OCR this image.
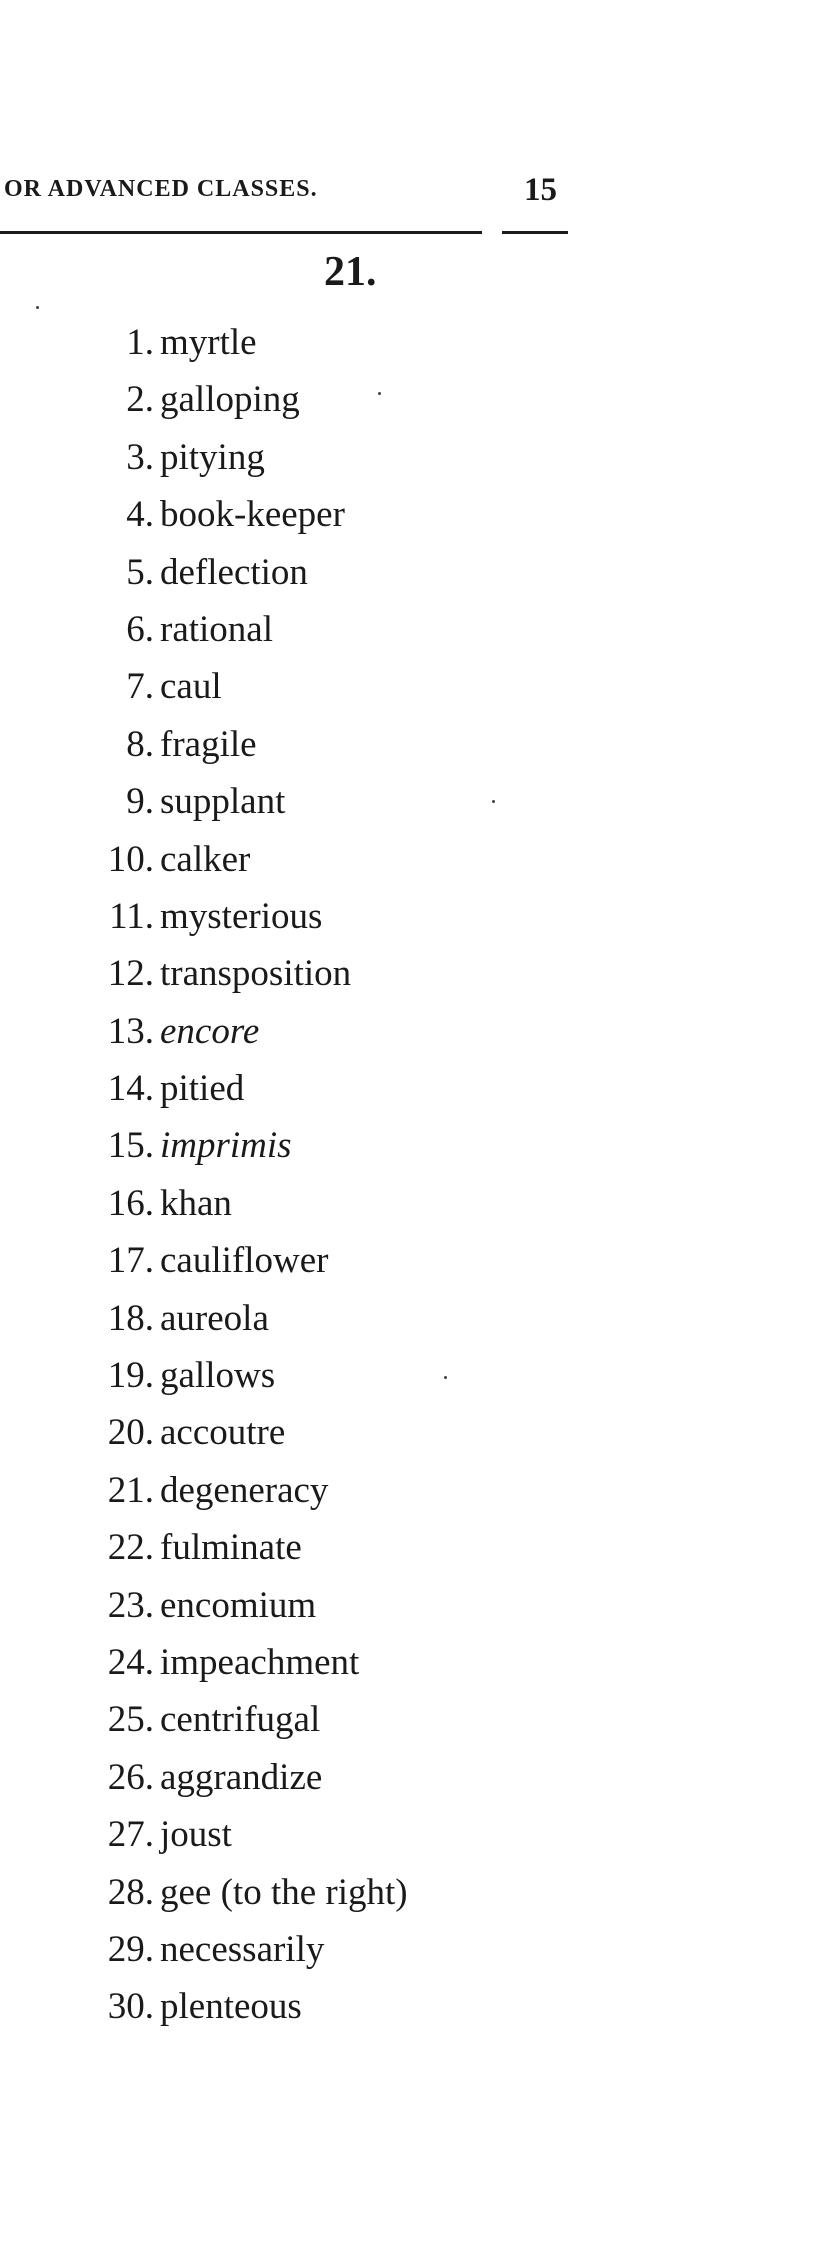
OR ADVANCED CLASSES.	15
21.
1. myrtle
2. galloping
3. pitying
4. book-keeper
5. deflection
6. rational
7. caul
8. fragile
9. supplant
10. calker
11. mysterious
12. transposition
13. encore
14. pitied
15. imprimis
16. khan
17. cauliflower
18. aureola
19. gallows
20. accoutre
21. degeneracy
22. fulminate
23. encomium
24. impeachment
25. centrifugal
26. aggrandize
27. joust
28. gee (to the right)
29. necessarily
30. plenteous
